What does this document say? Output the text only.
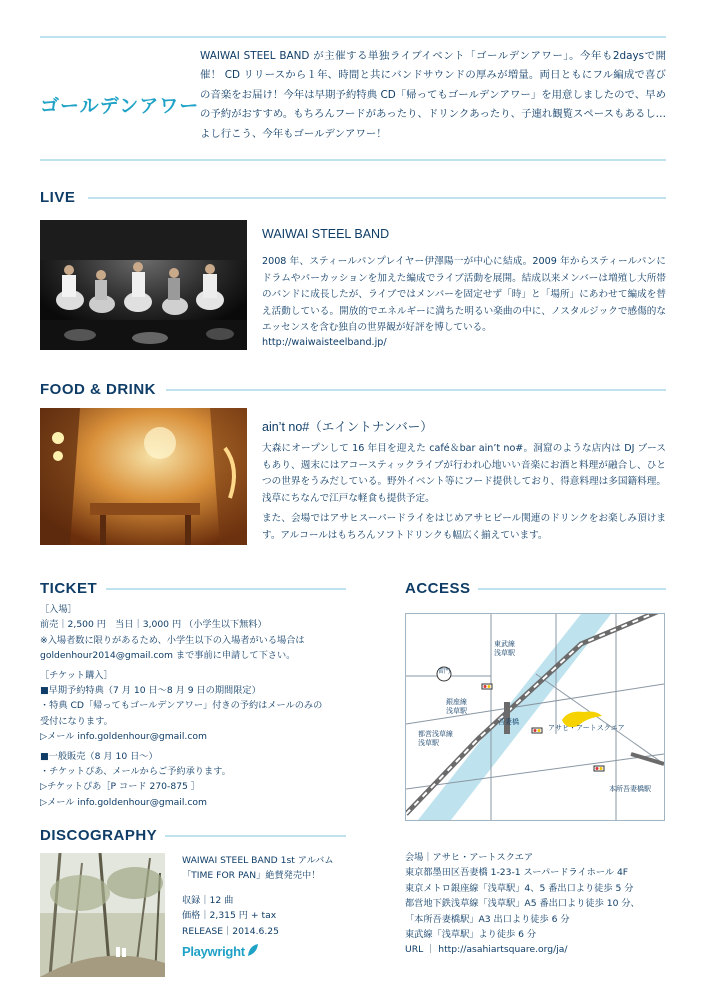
ゴールデンアワー
WAIWAI STEEL BAND が主催する単独ライブイベント「ゴールデンアワー」。今年も2daysで開催！ CD リリースから１年、時間と共にバンドサウンドの厚みが増量。両日ともにフル編成で喜びの音楽をお届け！今年は早期予約特典 CD「帰ってもゴールデンアワー」を用意しましたので、早めの予約がおすすめ。もちろんフードがあったり、ドリンクあったり、子連れ観覧スペースもあるし…よし行こう、今年もゴールデンアワー！
LIVE
WAIWAI STEEL BAND
2008 年、スティールパンプレイヤー伊澤陽一が中心に結成。2009 年からスティールパンにドラムやパーカッションを加えた編成でライブ活動を展開。結成以来メンバーは増殖し大所帯のバンドに成長したが、ライブではメンバーを固定せず「時」と「場所」にあわせて編成を替え活動している。開放的でエネルギーに満ちた明るい楽曲の中に、ノスタルジックで感傷的なエッセンスを含む独自の世界観が好評を博している。
http://waiwaisteelband.jp/
FOOD & DRINK
ain’t no#（エイントナンバー）
大森にオープンして 16 年目を迎えた café＆bar ain’t no#。洞窟のような店内は DJ ブースもあり、週末にはアコースティックライブが行われ心地いい音楽にお酒と料理が融合し、ひとつの世界をうみだしている。野外イベント等にフード提供しており、得意料理は多国籍料理。浅草にちなんで江戸な軽食も提供予定。
また、会場ではアサヒスーパードライをはじめアサヒビール関連のドリンクをお楽しみ頂けます。アルコールはもちろんソフトドリンクも幅広く揃えています。
TICKET
［入場］
前売｜2,500 円　当日｜3,000 円 （小学生以下無料）
※入場者数に限りがあるため、小学生以下の入場者がいる場合は
goldenhour2014@gmail.com まで事前に申請して下さい。
［チケット購入］
■早期予約特典（7 月 10 日〜8 月 9 日の期間限定）
・特典 CD「帰ってもゴールデンアワー」付きの予約はメールのみの
受付になります。
▷メール info.goldenhour@gmail.com
■一般販売（8 月 10 日〜）
・チケットぴあ、メールからご予約承ります。
▷チケットぴあ［P コード 270-875 ］
▷メール info.goldenhour@gmail.com
ACCESS
東武線
浅草駅
銀座線
浅草駅
都営浅草線
浅草駅
吾妻橋
アサヒ・アートスクエア
本所吾妻橋駅
雷門
会場｜アサヒ・アートスクエア
東京都墨田区吾妻橋 1-23-1 スーパードライホール 4F
東京メトロ銀座線「浅草駅」4、5 番出口より徒歩 5 分
都営地下鉄浅草線「浅草駅」A5 番出口より徒歩 10 分、
「本所吾妻橋駅」A3 出口より徒歩 6 分
東武線「浅草駅」より徒歩 6 分
URL ｜ http://asahiartsquare.org/ja/
DISCOGRAPHY
WAIWAI STEEL BAND 1st アルバム
「TIME FOR PAN」絶賛発売中！
収録｜12 曲
価格｜2,315 円 + tax
RELEASE｜2014.6.25
Playwright
